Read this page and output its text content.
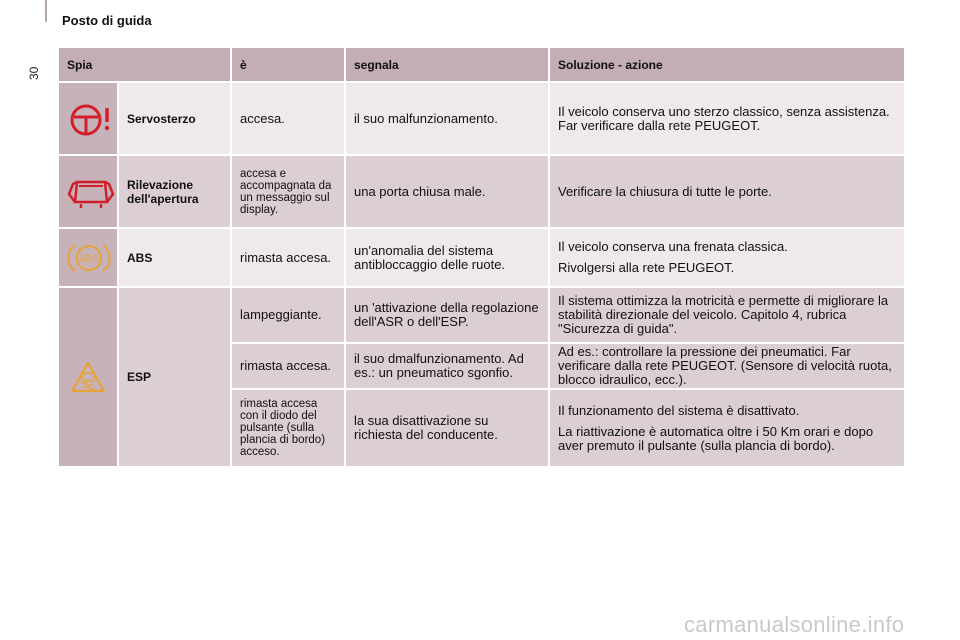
Posto di guida
30
Spia		è	segnala	Soluzione - azione

	Servosterzo	accesa.	il suo malfunzionamento.	Il veicolo conserva uno sterzo classico, senza assistenza. Far verificare dalla rete PEUGEOT.

	Rilevazione dell'apertura	accesa e accompagnata da un messaggio sul display.	una porta chiusa male.	Verificare la chiusura di tutte le porte.

ABS	ABS	rimasta accesa.	un'anomalia del sistema antibloccaggio delle ruote.	Il veicolo conserva una frenata classica.

Rivolgersi alla rete PEUGEOT.

	ESP	lampeggiante.	un 'attivazione della regolazione dell'ASR o dell'ESP.	Il sistema ottimizza la motricità e permette di migliorare la stabilità direzionale del veicolo. Capitolo 4, rubrica "Sicurezza di guida".
		rimasta accesa.	il suo dmalfunzionamento. Ad es.: un pneumatico sgonfio.	Ad es.: controllare la pressione dei pneumatici. Far verificare dalla rete PEUGEOT. (Sensore di velocità ruota, blocco idraulico, ecc.).
		rimasta accesa con il diodo del pulsante (sulla plancia di bordo) acceso.	la sua disattivazione su richiesta del conducente.	Il funzionamento del sistema è disattivato.

La riattivazione è automatica oltre i 50 Km orari e dopo aver premuto il pulsante (sulla plancia di bordo).

carmanualsonline.info
